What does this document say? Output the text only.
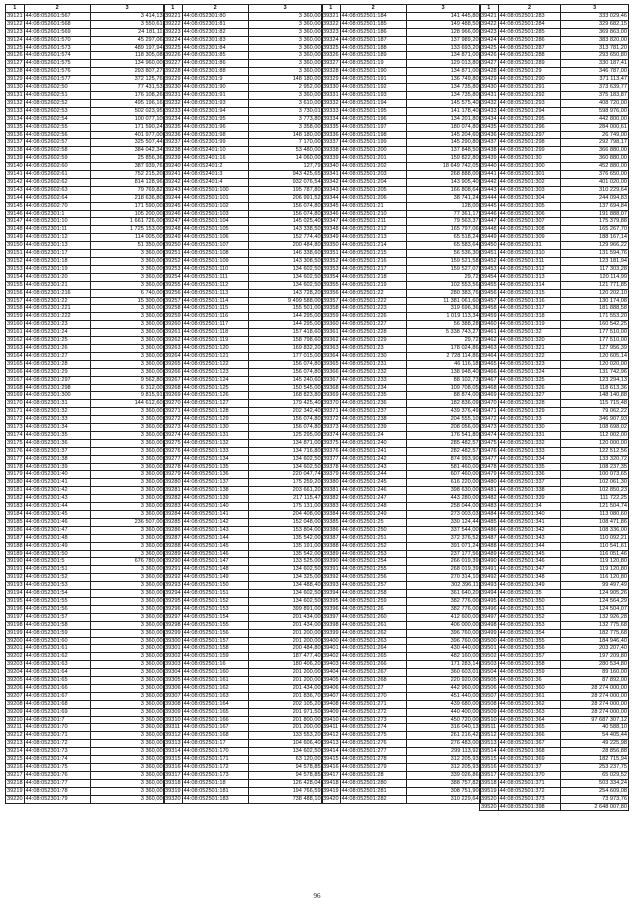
1	2	3
39121	44:08:052601:567	3 414,13
39122	44:08:052601:568	3 550,61
39123	44:08:052601:569	24 181,11
39124	44:08:052601:570	45 297,06
39125	44:08:052601:573	489 197,94
39126	44:08:052601:574	118 305,08
39127	44:08:052601:575	134 960,00
39128	44:08:052601:576	293 807,27
39129	44:08:052601:577	372 125,76
39130	44:08:052602:50	77 431,53
39131	44:08:052602:51	176 108,26
39132	44:08:052602:52	495 196,16
39133	44:08:052602:53	502 023,95
39134	44:08:052602:54	100 077,10
39135	44:08:052602:55	171 590,24
39136	44:08:052602:56	401 977,00
39137	44:08:052602:57	325 507,44
39138	44:08:052602:58	384 042,34
39139	44:08:052602:59	25 856,36
39140	44:08:052602:60	387 939,76
39141	44:08:052602:61	752 215,20
39142	44:08:052602:62	814 128,96
39143	44:08:052602:63	79 769,82
39144	44:08:052602:64	218 636,80
39145	44:08:052602:70	171 590,00
39146	44:08:052301:1	105 200,00
39147	44:08:052301:10	1 661 726,00
39148	44:08:052301:11	1 725 153,00
39149	44:08:052301:12	114 005,00
39150	44:08:052301:13	51 350,00
39151	44:08:052301:17	3 360,00
39152	44:08:052301:18	3 360,00
39153	44:08:052301:19	3 360,00
39154	44:08:052301:20	3 360,00
39155	44:08:052301:21	3 360,00
39156	44:08:052301:216	6 740,00
39157	44:08:052301:22	15 300,00
39158	44:08:052301:221	3 360,00
39159	44:08:052301:222	3 360,00
39160	44:08:052301:23	3 360,00
39161	44:08:052301:24	3 360,00
39162	44:08:052301:25	3 360,00
39163	44:08:052301:26	3 360,00
39164	44:08:052301:27	3 360,00
39165	44:08:052301:28	3 360,00
39166	44:08:052301:29	3 360,00
39167	44:08:052301:297	9 562,80
39168	44:08:052301:298	6 312,00
39169	44:08:052301:300	9 815,91
39170	44:08:052301:31	144 612,60
39171	44:08:052301:32	3 360,00
39172	44:08:052301:33	3 360,00
39173	44:08:052301:34	3 360,00
39174	44:08:052301:35	3 360,00
39175	44:08:052301:36	3 360,00
39176	44:08:052301:37	3 360,00
39177	44:08:052301:38	3 360,00
39178	44:08:052301:39	3 360,00
39179	44:08:052301:40	3 360,00
39180	44:08:052301:41	3 360,00
39181	44:08:052301:42	3 360,00
39182	44:08:052301:43	3 360,00
39183	44:08:052301:44	3 360,00
39184	44:08:052301:45	3 360,00
39185	44:08:052301:46	236 507,00
39186	44:08:052301:47	3 360,00
39187	44:08:052301:48	3 360,00
39188	44:08:052301:49	3 360,00
39189	44:08:052301:50	3 360,00
39190	44:08:052301:5	676 780,00
39191	44:08:052301:51	3 360,00
39192	44:08:052301:52	3 360,00
39193	44:08:052301:53	3 360,00
39194	44:08:052301:54	3 360,00
39195	44:08:052301:55	3 360,00
39196	44:08:052301:56	3 360,00
39197	44:08:052301:57	3 360,00
39198	44:08:052301:58	3 360,00
39199	44:08:052301:59	3 360,00
39200	44:08:052301:60	3 360,00
39201	44:08:052301:61	3 360,00
39202	44:08:052301:62	3 360,00
39203	44:08:052301:63	3 360,00
39204	44:08:052301:64	3 360,00
39205	44:08:052301:65	3 360,00
39206	44:08:052301:66	3 360,00
39207	44:08:052301:67	3 360,00
39208	44:08:052301:68	3 360,00
39209	44:08:052301:69	3 360,00
39210	44:08:052301:7	3 360,00
39211	44:08:052301:70	3 360,00
39212	44:08:052301:71	3 360,00
39213	44:08:052301:72	3 360,00
39214	44:08:052301:73	3 360,00
39215	44:08:052301:74	3 360,00
39216	44:08:052301:75	3 360,00
39217	44:08:052301:76	3 360,00
39218	44:08:052301:77	3 360,00
39219	44:08:052301:78	3 360,00
39220	44:08:052301:79	3 360,00
1	2	3
39221	44:08:052301:80	3 360,00
39222	44:08:052301:81	3 360,00
39223	44:08:052301:82	3 360,00
39224	44:08:052301:83	3 360,00
39225	44:08:052301:84	3 360,00
39226	44:08:052301:85	3 360,00
39227	44:08:052301:86	3 360,00
39228	44:08:052301:88	3 360,00
39229	44:08:052301:9	148 180,00
39230	44:08:052301:90	2 952,00
39231	44:08:052301:91	3 360,00
39232	44:08:052301:93	3 610,00
39233	44:08:052301:94	3 730,01
39234	44:08:052301:95	3 773,80
39235	44:08:052301:96	3 358,00
39236	44:08:052301:98	148 180,00
39237	44:08:052301:99	7 170,00
39238	44:08:052401:10	53 480,00
39239	44:08:052401:16	14 060,00
39240	44:08:052401:2	127,79
39241	44:08:052401:3	943 425,65
39242	44:08:052401:4	932 076,54
39243	44:08:052501:100	195 787,80
39244	44:08:052501:101	206 991,52
39245	44:08:052501:102	156 074,80
39246	44:08:052501:103	156 074,80
39247	44:08:052501:104	145 025,40
39248	44:08:052501:105	143 338,50
39249	44:08:052501:106	152 774,40
39250	44:08:052501:107	200 484,80
39251	44:08:052501:108	146 338,60
39252	44:08:052501:109	143 308,50
39253	44:08:052501:110	134 602,50
39254	44:08:052501:111	134 602,50
39255	44:08:052501:112	134 602,50
39256	44:08:052501:113	143 728,20
39257	44:08:052501:114	9 499 588,00
39258	44:08:052501:115	155 501,00
39259	44:08:052501:116	144 295,00
39260	44:08:052501:117	144 295,00
39261	44:08:052501:118	157 418,60
39262	44:08:052501:119	158 798,60
39263	44:08:052501:120	169 832,20
39264	44:08:052501:121	177 015,00
39265	44:08:052501:122	156 074,80
39266	44:08:052501:123	156 074,80
39267	44:08:052501:124	145 240,60
39268	44:08:052501:125	150 545,00
39269	44:08:052501:126	168 823,80
39270	44:08:052501:127	179 425,40
39271	44:08:052501:128	202 342,40
39272	44:08:052501:129	156 074,80
39273	44:08:052501:130	156 074,80
39274	44:08:052501:131	125 295,00
39275	44:08:052501:132	134 871,00
39276	44:08:052501:133	134 716,80
39277	44:08:052501:134	134 602,50
39278	44:08:052501:135	134 602,50
39279	44:08:052501:136	220 047,74
39280	44:08:052501:137	175 259,20
39281	44:08:052501:138	203 661,20
39282	44:08:052501:139	217 115,47
39283	44:08:052501:140	175 131,00
39284	44:08:052501:141	204 408,00
39285	44:08:052501:142	152 048,00
39286	44:08:052501:143	153 804,00
39287	44:08:052501:144	135 542,00
39288	44:08:052501:145	135 191,00
39289	44:08:052501:146	135 542,00
39290	44:08:052501:147	133 525,00
39291	44:08:052501:148	134 602,50
39292	44:08:052501:149	134 325,00
39293	44:08:052501:150	134 488,40
39294	44:08:052501:151	134 602,50
39295	44:08:052501:152	134 602,50
39296	44:08:052501:153	399 891,00
39297	44:08:052501:154	201 434,00
39298	44:08:052501:155	201 434,00
39299	44:08:052501:156	201 200,00
39300	44:08:052501:157	201 200,00
39301	44:08:052501:158	200 484,80
39302	44:08:052501:159	187 477,40
39303	44:08:052501:16	180 406,20
39304	44:08:052501:160	201 200,00
39305	44:08:052501:161	201 200,00
39306	44:08:052501:162	201 434,00
39307	44:08:052501:163	201 836,70
39308	44:08:052501:164	202 105,20
39309	44:08:052501:165	201 971,50
39310	44:08:052501:166	201 800,00
39311	44:08:052501:167	201 200,00
39312	44:08:052501:168	133 553,20
39313	44:08:052501:17	104 606,40
39314	44:08:052501:170	134 602,50
39315	44:08:052501:171	63 120,00
39316	44:08:052501:172	94 578,85
39317	44:08:052501:173	94 578,85
39318	44:08:052501:18	126 428,04
39319	44:08:052501:181	194 766,59
39320	44:08:052501:183	738 488,10
1	2	3
39321	44:08:052501:184	141 445,80
39322	44:08:052501:185	149 488,50
39323	44:08:052501:186	128 966,00
39324	44:08:052501:187	137 989,20
39325	44:08:052501:188	133 693,20
39326	44:08:052501:189	134 871,00
39327	44:08:052501:19	129 013,80
39328	44:08:052501:190	134 871,00
39329	44:08:052501:191	136 749,80
39330	44:08:052501:192	134 735,80
39331	44:08:052501:193	134 735,80
39332	44:08:052501:194	145 575,40
39333	44:08:052501:195	141 178,40
39334	44:08:052501:196	134 201,80
39335	44:08:052501:197	180 074,80
39336	44:08:052501:198	145 204,60
39337	44:08:052501:199	145 290,80
39338	44:08:052501:200	137 848,50
39339	44:08:052501:201	159 822,80
39340	44:08:052501:202	18 649 742,05
39341	44:08:052501:203	268 888,00
39342	44:08:052501:204	143 905,40
39343	44:08:052501:205	166 808,64
39344	44:08:052501:206	38 741,24
39345	44:08:052501:21	128,00
39346	44:08:052501:210	77 361,17
39347	44:08:052501:211	79 563,37
39348	44:08:052501:212	165 797,06
39349	44:08:052501:213	65 518,24
39350	44:08:052501:214	65 583,64
39351	44:08:052501:215	56 536,30
39352	44:08:052501:216	159 521,58
39353	44:08:052501:217	159 527,07
39354	44:08:052501:218	29,72
39355	44:08:052501:219	102 553,56
39356	44:08:052501:22	280 383,76
39357	44:08:052501:222	11 381 061,60
39358	44:08:052501:223	319 696,36
39359	44:08:052501:226	1 019 113,34
39360	44:08:052501:227	56 388,28
39361	44:08:052501:228	5 338 743,27
39362	44:08:052501:229	29,72
39363	44:08:052501:23	178 024,86
39364	44:08:052501:230	2 728 114,86
39365	44:08:052501:231	46 116,18
39366	44:08:052501:232	138 948,40
39367	44:08:052501:233	88 102,73
39368	44:08:052501:234	109 708,05
39369	44:08:052501:235	88 874,00
39370	44:08:052501:236	182 836,09
39371	44:08:052501:237	439 376,49
39372	44:08:052501:238	204 555,10
39373	44:08:052501:239	208 056,00
39374	44:08:052501:24	176 541,80
39375	44:08:052501:240	285 482,57
39376	44:08:052501:241	282 482,57
39377	44:08:052501:242	874 993,90
39378	44:08:052501:243	581 460,00
39379	44:08:052501:244	607 460,00
39380	44:08:052501:245	616 220,00
39381	44:08:052501:246	398 630,00
39382	44:08:052501:247	443 280,00
39383	44:08:052501:248	258 044,00
39384	44:08:052501:249	273 003,03
39385	44:08:052501:25	330 124,44
39386	44:08:052501:250	337 544,00
39387	44:08:052501:251	372 376,52
39388	44:08:052501:252	391 071,24
39389	44:08:052501:253	237 177,56
39390	44:08:052501:254	266 019,39
39391	44:08:052501:255	268 019,39
39392	44:08:052501:256	270 314,10
39393	44:08:052501:257	302 396,11
39394	44:08:052501:258	361 640,20
39395	44:08:052501:259	382 776,00
39396	44:08:052501:26	382 776,00
39397	44:08:052501:260	412 600,00
39398	44:08:052501:261	406 000,00
39399	44:08:052501:262	396 760,00
39400	44:08:052501:263	396 760,00
39401	44:08:052501:264	430 440,00
39402	44:08:052501:265	482 160,00
39403	44:08:052501:266	171 283,14
39404	44:08:052501:267	360 603,01
39405	44:08:052501:268	220 920,00
39406	44:08:052501:27	442 960,00
39407	44:08:052501:270	451 440,00
39408	44:08:052501:271	439 680,00
39409	44:08:052501:272	440 400,00
39410	44:08:052501:273	450 720,00
39411	44:08:052501:274	316 040,13
39412	44:08:052501:275	261 216,42
39413	44:08:052501:276	276 483,00
39414	44:08:052501:277	299 113,92
39415	44:08:052501:278	312 205,93
39416	44:08:052501:279	312 205,93
39417	44:08:052501:28	339 026,86
39418	44:08:052501:280	388 757,82
39419	44:08:052501:281	308 751,90
39420	44:08:052501:282	310 229,64
1	2	3
39421	44:08:052501:283	333 029,46
39422	44:08:052501:284	329 682,15
39423	44:08:052501:285	369 863,00
39424	44:08:052501:286	383 820,00
39425	44:08:052501:287	313 781,20
39426	44:08:052501:288	293 650,80
39427	44:08:052501:289	330 187,41
39428	44:08:052501:29	346 787,00
39429	44:08:052501:290	371 113,47
39430	44:08:052501:291	373 639,77
39431	44:08:052501:292	375 183,87
39432	44:08:052501:293	408 720,00
39433	44:08:052501:294	598 976,00
39434	44:08:052501:295	442 800,00
39435	44:08:052501:296	284 000,61
39436	44:08:052501:297	26 749,00
39437	44:08:052501:298	292 798,17
39438	44:08:052501:299	366 880,00
39439	44:08:052501:30	360 880,00
39440	44:08:052501:300	452 880,00
39441	44:08:052501:301	376 650,00
39442	44:08:052501:302	401 020,00
39443	44:08:052501:303	310 229,64
39444	44:08:052501:304	244 094,83
39445	44:08:052501:305	137 694,84
39446	44:08:052501:306	191 888,07
39447	44:08:052501:307	175 379,88
39448	44:08:052501:308	165 267,70
39449	44:08:052501:309	188 167,14
39450	44:08:052501:31	129 966,22
39451	44:08:052501:310	131 594,76
39452	44:08:052501:311	123 181,94
39453	44:08:052501:312	117 303,28
39454	44:08:052501:313	120 114,99
39455	44:08:052501:314	121 771,85
39456	44:08:052501:315	120 202,10
39457	44:08:052501:316	130 174,08
39458	44:08:052501:317	181 888,58
39459	44:08:052501:318	171 553,20
39460	44:08:052501:319	160 542,25
39461	44:08:052501:32	177 510,00
39462	44:08:052501:320	177 510,00
39463	44:08:052501:321	127 956,39
39464	44:08:052501:322	120 605,14
39465	44:08:052501:323	120 020,00
39466	44:08:052501:324	131 742,96
39467	44:08:052501:325	123 294,13
39468	44:08:052501:326	118 613,36
39469	44:08:052501:327	148 140,88
39470	44:08:052501:328	115 715,48
39471	44:08:052501:329	79 062,22
39472	44:08:052501:33	346 907,93
39473	44:08:052501:330	108 698,02
39474	44:08:052501:331	112 002,00
39475	44:08:052501:332	120 000,00
39476	44:08:052501:333	122 512,56
39477	44:08:052501:334	133 320,72
39478	44:08:052501:335	108 237,35
39479	44:08:052501:336	100 073,65
39480	44:08:052501:337	102 061,30
39481	44:08:052501:338	102 850,23
39482	44:08:052501:339	111 722,25
39483	44:08:052501:34	121 504,74
39484	44:08:052501:340	113 080,60
39485	44:08:052501:341	108 471,86
39486	44:08:052501:342	108 336,00
39487	44:08:052501:343	110 092,21
39488	44:08:052501:344	110 541,61
39489	44:08:052501:345	116 051,46
39490	44:08:052501:346	119 120,80
39491	44:08:052501:347	119 120,80
39492	44:08:052501:348	116 120,80
39493	44:08:052501:349	99 497,49
39494	44:08:052501:35	124 905,26
39495	44:08:052501:350	124 564,29
39496	44:08:052501:351	124 504,07
39497	44:08:052501:352	132 926,28
39498	44:08:052501:353	132 775,68
39499	44:08:052501:354	182 775,68
39500	44:08:052501:355	184 946,40
39501	44:08:052501:356	203 207,40
39502	44:08:052501:357	197 209,80
39503	44:08:052501:358	280 534,80
39504	44:08:052501:359	89 160,00
39505	44:08:052501:36	87 892,00
39506	44:08:052501:360	28 274 000,00
39507	44:08:052501:361	28 274 000,00
39508	44:08:052501:362	28 274 000,00
39509	44:08:052501:363	28 274 000,00
39510	44:08:052501:364	97 687 307,12
39511	44:08:052501:365	40 588,10
39512	44:08:052501:366	54 405,44
39513	44:08:052501:367	49 225,98
39514	44:08:052501:368	28 856,88
39515	44:08:052501:369	182 715,94
39516	44:08:052501:37	253 237,75
39517	44:08:052501:370	65 029,52
39518	44:08:052501:371	503 334,24
39519	44:08:052501:372	254 609,08
39520	44:08:052501:373	73 973,76
39520	44:08:052501:398	2 648 007,80
96
